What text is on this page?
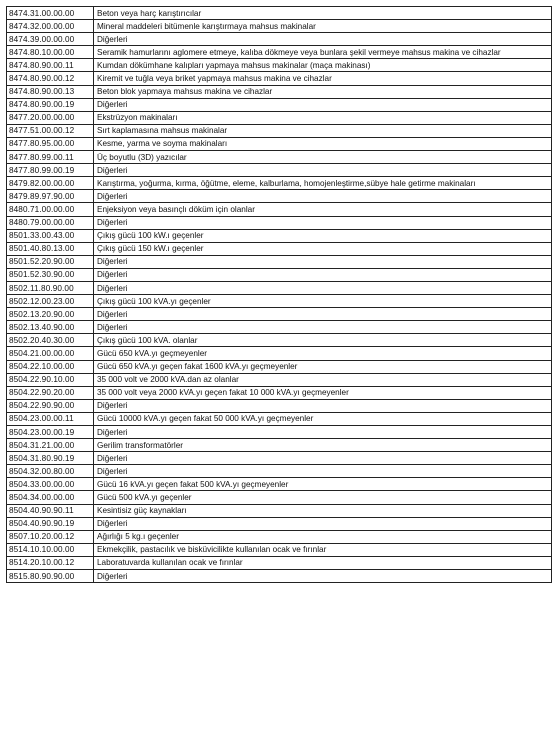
8474.31.00.00.00	Beton veya harç karıştırıcılar
8474.32.00.00.00	Mineral maddeleri bitümenle karıştırmaya mahsus makinalar
8474.39.00.00.00	Diğerleri
8474.80.10.00.00	Seramik hamurlarını aglomere etmeye, kalıba dökmeye veya bunlara şekil vermeye mahsus makina ve cihazlar
8474.80.90.00.11	Kumdan dökümhane kalıpları yapmaya mahsus makinalar (maça makinası)
8474.80.90.00.12	Kiremit ve tuğla veya briket yapmaya mahsus makina ve cihazlar
8474.80.90.00.13	Beton blok yapmaya mahsus makina ve cihazlar
8474.80.90.00.19	Diğerleri
8477.20.00.00.00	Ekstrüzyon makinaları
8477.51.00.00.12	Sırt kaplamasına mahsus makinalar
8477.80.95.00.00	Kesme, yarma ve soyma makinaları
8477.80.99.00.11	Üç boyutlu (3D) yazıcılar
8477.80.99.00.19	Diğerleri
8479.82.00.00.00	Karıştırma, yoğurma, kırma, öğütme, eleme, kalburlama, homojenleştirme,sübye hale getirme makinaları
8479.89.97.90.00	Diğerleri
8480.71.00.00.00	Enjeksiyon veya basınçlı döküm için olanlar
8480.79.00.00.00	Diğerleri
8501.33.00.43.00	Çıkış gücü 100 kW.ı geçenler
8501.40.80.13.00	Çıkış gücü 150 kW.ı geçenler
8501.52.20.90.00	Diğerleri
8501.52.30.90.00	Diğerleri
8502.11.80.90.00	Diğerleri
8502.12.00.23.00	Çıkış gücü 100 kVA.yı geçenler
8502.13.20.90.00	Diğerleri
8502.13.40.90.00	Diğerleri
8502.20.40.30.00	Çıkış gücü 100 kVA. olanlar
8504.21.00.00.00	Gücü 650 kVA.yı geçmeyenler
8504.22.10.00.00	Gücü 650 kVA.yı geçen fakat 1600 kVA.yı geçmeyenler
8504.22.90.10.00	35 000 volt ve 2000 kVA.dan az olanlar
8504.22.90.20.00	35 000 volt veya 2000 kVA.yı geçen fakat 10 000 kVA.yı geçmeyenler
8504.22.90.90.00	Diğerleri
8504.23.00.00.11	Gücü 10000 kVA.yı geçen fakat 50 000 kVA.yı geçmeyenler
8504.23.00.00.19	Diğerleri
8504.31.21.00.00	Gerilim transformatörler
8504.31.80.90.19	Diğerleri
8504.32.00.80.00	Diğerleri
8504.33.00.00.00	Gücü 16 kVA.yı geçen fakat 500 kVA.yı geçmeyenler
8504.34.00.00.00	Gücü 500 kVA.yı geçenler
8504.40.90.90.11	Kesintisiz güç kaynakları
8504.40.90.90.19	Diğerleri
8507.10.20.00.12	Ağırlığı 5 kg.ı geçenler
8514.10.10.00.00	Ekmekçilik, pastacılık ve bisküvicilikte kullanılan ocak ve fırınlar
8514.20.10.00.12	Laboratuvarda kullanılan ocak ve fırınlar
8515.80.90.90.00	Diğerleri
